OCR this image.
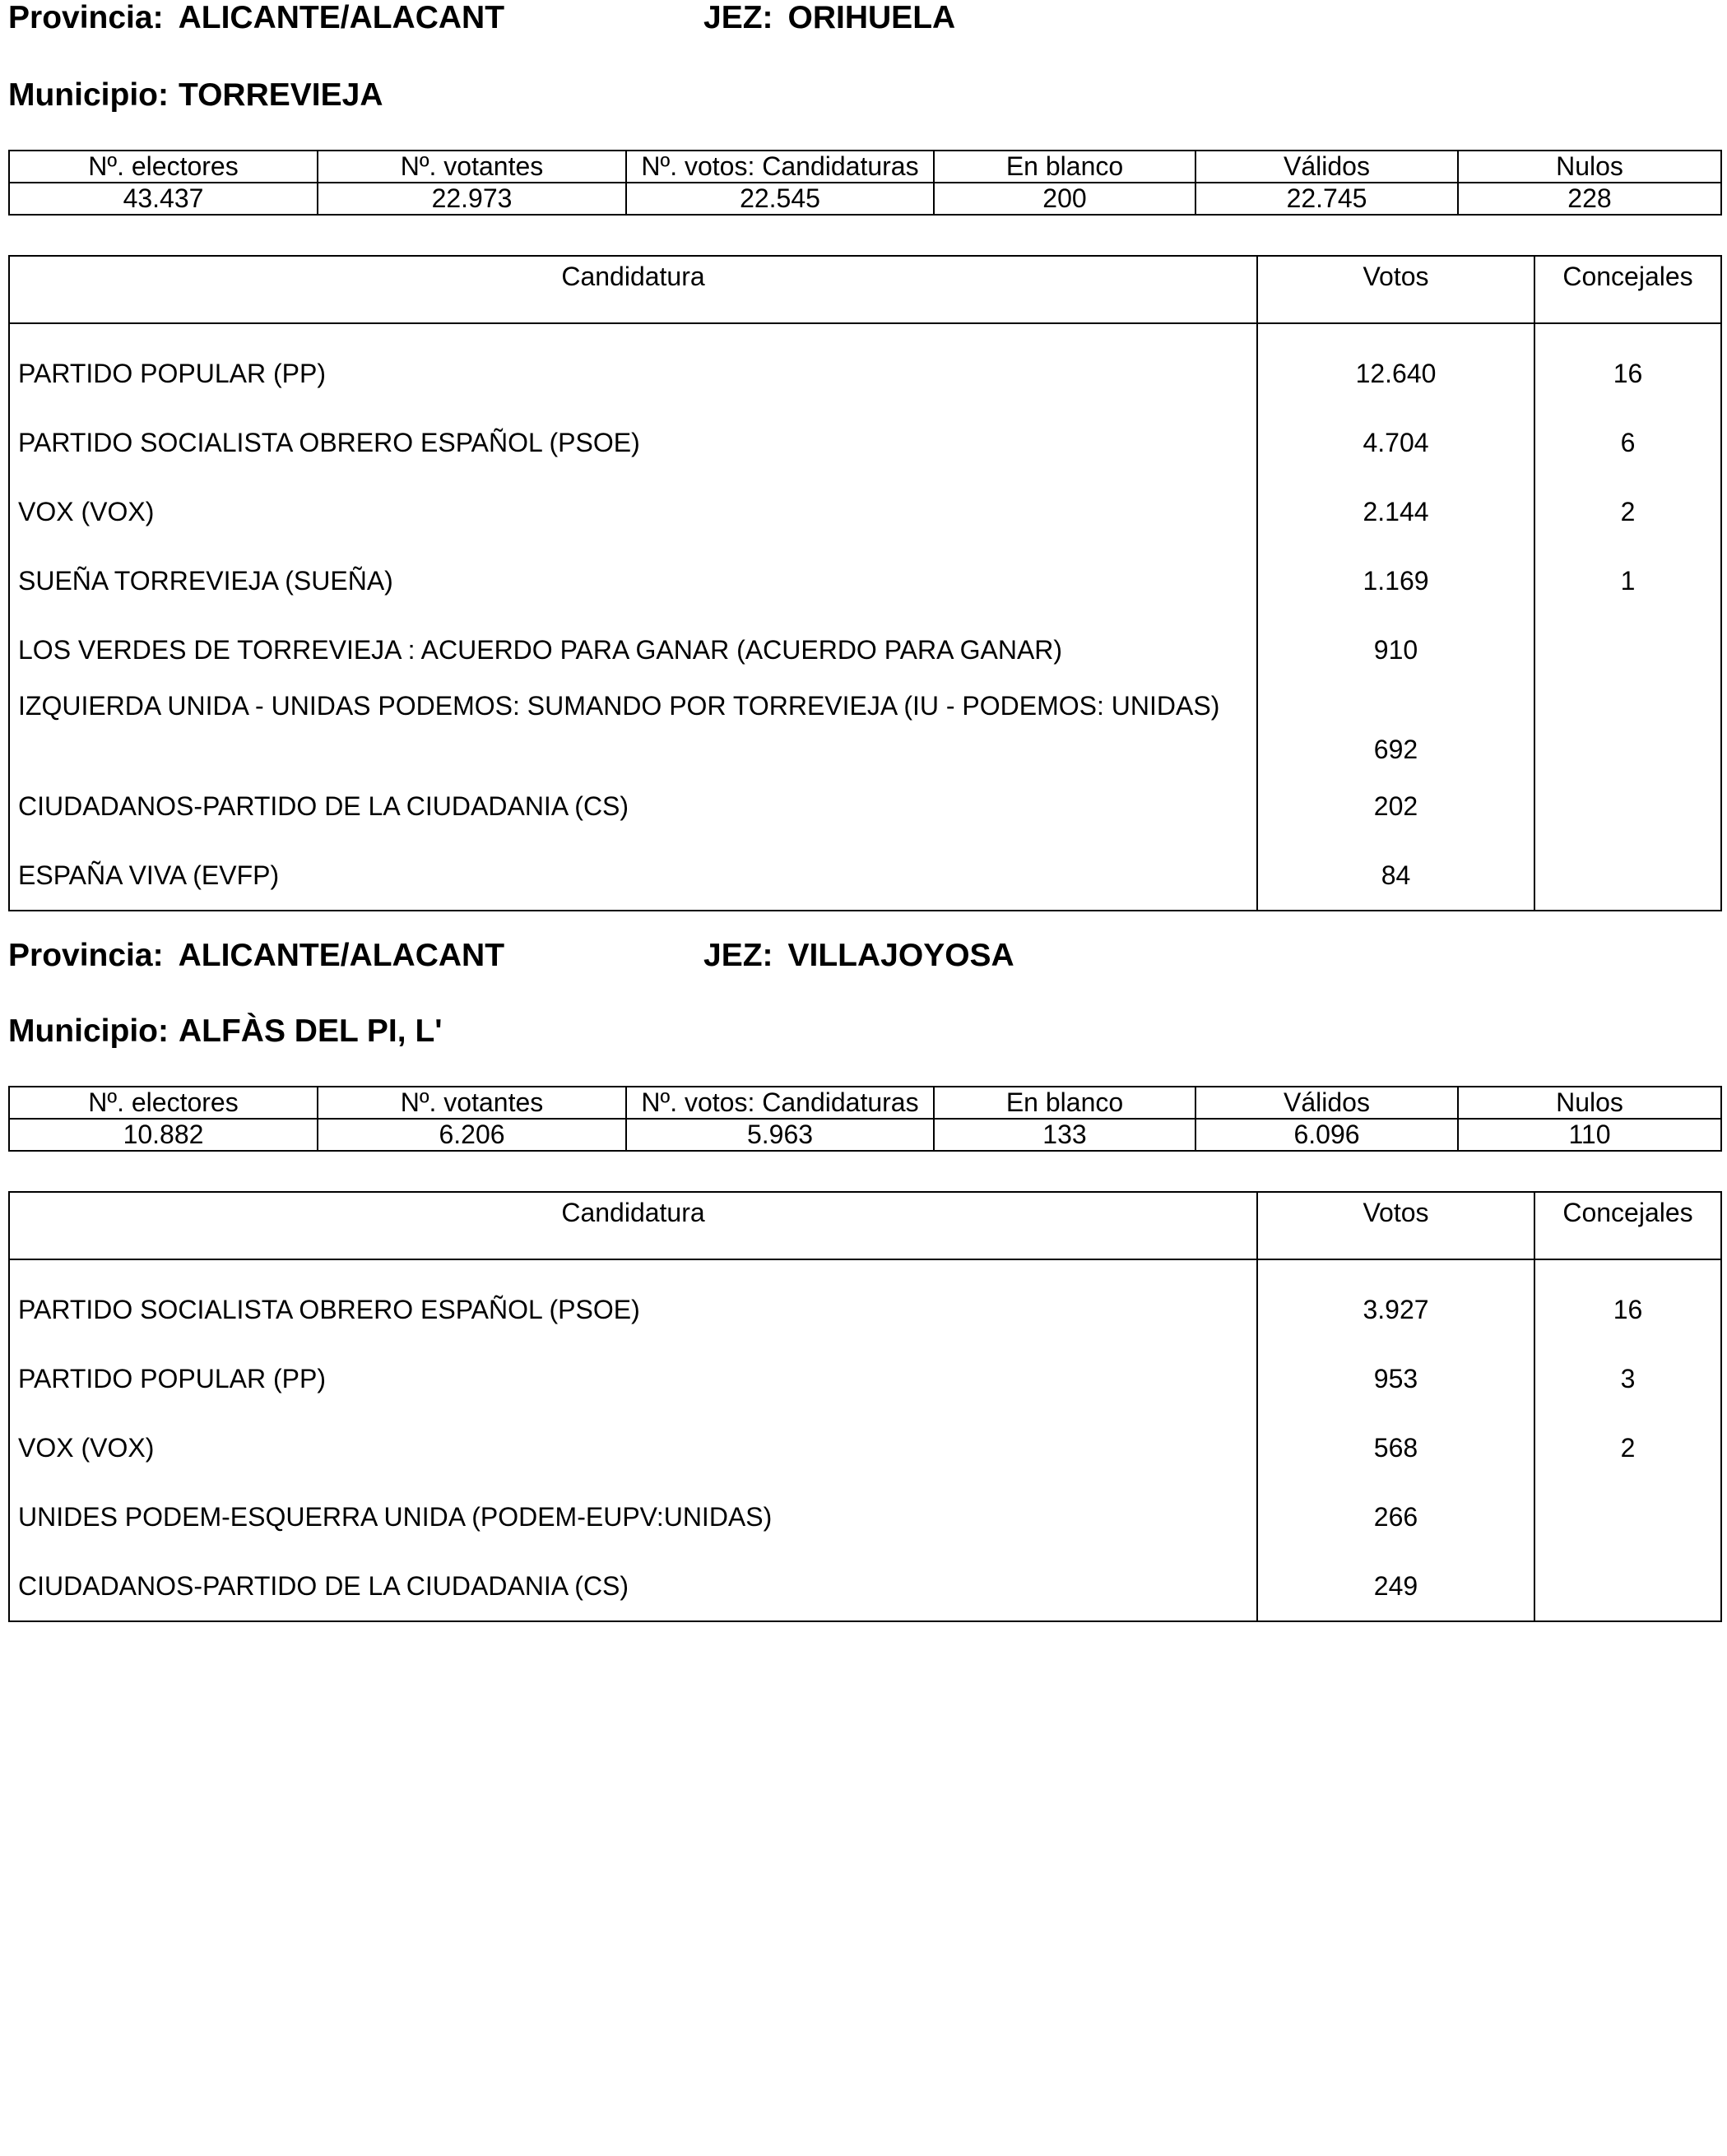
Provincia: ALICANTE/ALACANT	JEZ: ORIHUELA
Municipio: TORREVIEJA
Nº. electores	Nº. votantes	Nº. votos: Candidaturas	En blanco	Válidos	Nulos
43.437	22.973	22.545	200	22.745	228
Candidatura	Votos	Concejales

PARTIDO POPULAR (PP)	12.640	16
PARTIDO SOCIALISTA OBRERO ESPAÑOL (PSOE)	4.704	6
VOX (VOX)	2.144	2
SUEÑA TORREVIEJA (SUEÑA)	1.169	1
LOS VERDES DE TORREVIEJA : ACUERDO PARA GANAR (ACUERDO PARA GANAR)	910	
IZQUIERDA UNIDA - UNIDAS PODEMOS: SUMANDO POR TORREVIEJA (IU - PODEMOS: UNIDAS)	692	
CIUDADANOS-PARTIDO DE LA CIUDADANIA (CS)	202	
ESPAÑA VIVA (EVFP)	84	
Provincia: ALICANTE/ALACANT	JEZ: VILLAJOYOSA
Municipio: ALFÀS DEL PI, L'
Nº. electores	Nº. votantes	Nº. votos: Candidaturas	En blanco	Válidos	Nulos
10.882	6.206	5.963	133	6.096	110
Candidatura	Votos	Concejales

PARTIDO SOCIALISTA OBRERO ESPAÑOL (PSOE)	3.927	16
PARTIDO POPULAR (PP)	953	3
VOX (VOX)	568	2
UNIDES PODEM-ESQUERRA UNIDA (PODEM-EUPV:UNIDAS)	266	
CIUDADANOS-PARTIDO DE LA CIUDADANIA (CS)	249	
